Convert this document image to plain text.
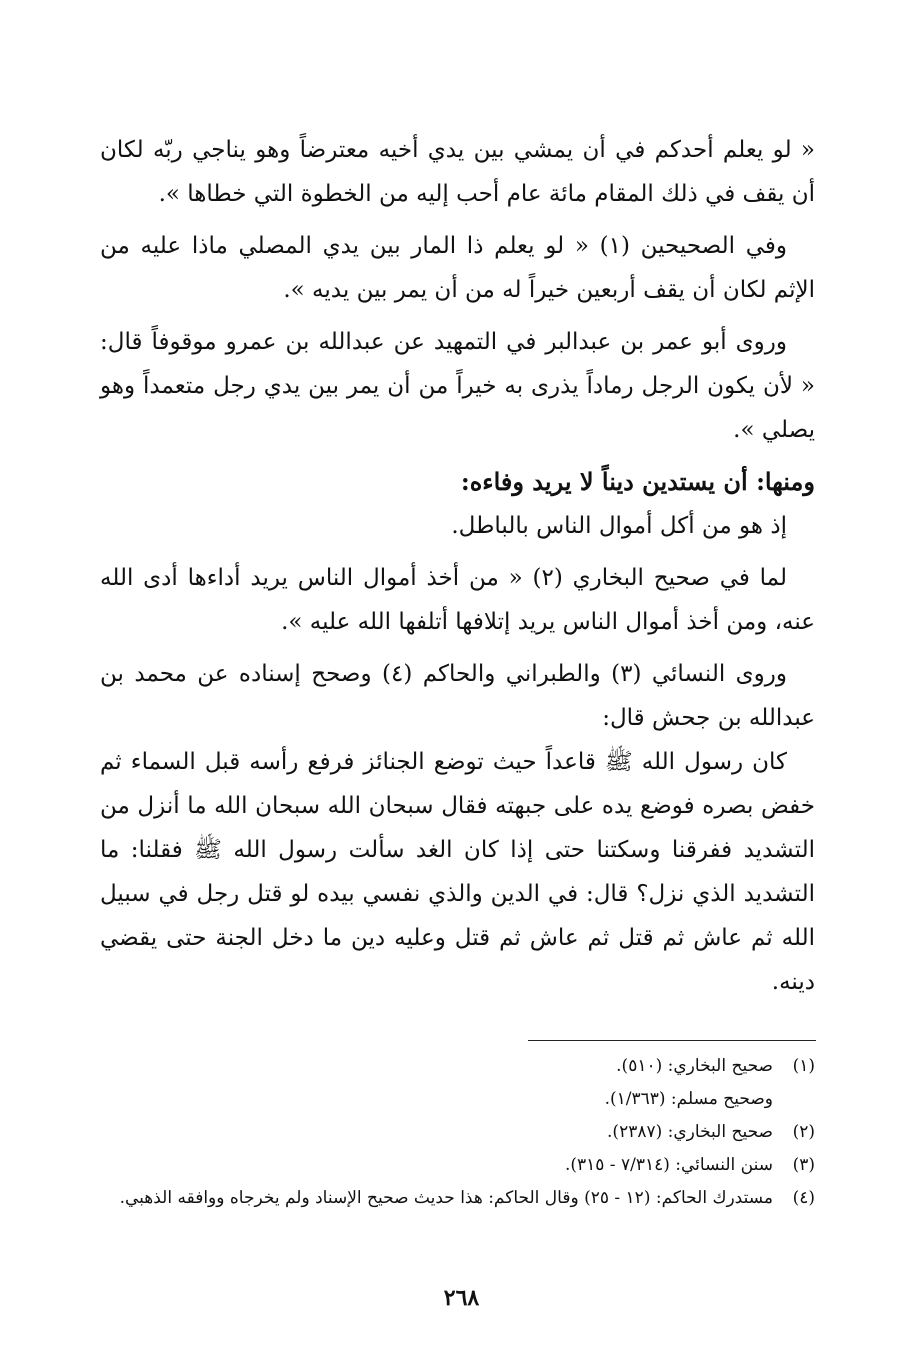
« لو يعلم أحدكم في أن يمشي بين يدي أخيه معترضاً وهو يناجي ربّه لكان أن يقف في ذلك المقام مائة عام أحب إليه من الخطوة التي خطاها ».

وفي الصحيحين (١) « لو يعلم ذا المار بين يدي المصلي ماذا عليه من الإثم لكان أن يقف أربعين خيراً له من أن يمر بين يديه ».

وروى أبو عمر بن عبدالبر في التمهيد عن عبدالله بن عمرو موقوفاً قال: « لأن يكون الرجل رماداً يذرى به خيراً من أن يمر بين يدي رجل متعمداً وهو يصلي ».

ومنها: أن يستدين ديناً لا يريد وفاءه:

إذ هو من أكل أموال الناس بالباطل.

لما في صحيح البخاري (٢) « من أخذ أموال الناس يريد أداءها أدى الله عنه، ومن أخذ أموال الناس يريد إتلافها أتلفها الله عليه ».

وروى النسائي (٣) والطبراني والحاكم (٤) وصحح إسناده عن محمد بن عبدالله بن جحش قال:

كان رسول الله ﷺ قاعداً حيث توضع الجنائز فرفع رأسه قبل السماء ثم خفض بصره فوضع يده على جبهته فقال سبحان الله سبحان الله ما أنزل من التشديد ففرقنا وسكتنا حتى إذا كان الغد سألت رسول الله ﷺ فقلنا: ما التشديد الذي نزل؟ قال: في الدين والذي نفسي بيده لو قتل رجل في سبيل الله ثم عاش ثم قتل ثم عاش ثم قتل وعليه دين ما دخل الجنة حتى يقضي دينه.

(١)
صحيح البخاري: (٥١٠).
وصحيح مسلم: (١/٣٦٣).
(٢)
صحيح البخاري: (٢٣٨٧).
(٣)
سنن النسائي: (٧/٣١٤ - ٣١٥).
(٤)
مستدرك الحاكم: (١٢ - ٢٥) وقال الحاكم: هذا حديث صحيح الإسناد ولم يخرجاه ووافقه الذهبي.
٢٦٨
